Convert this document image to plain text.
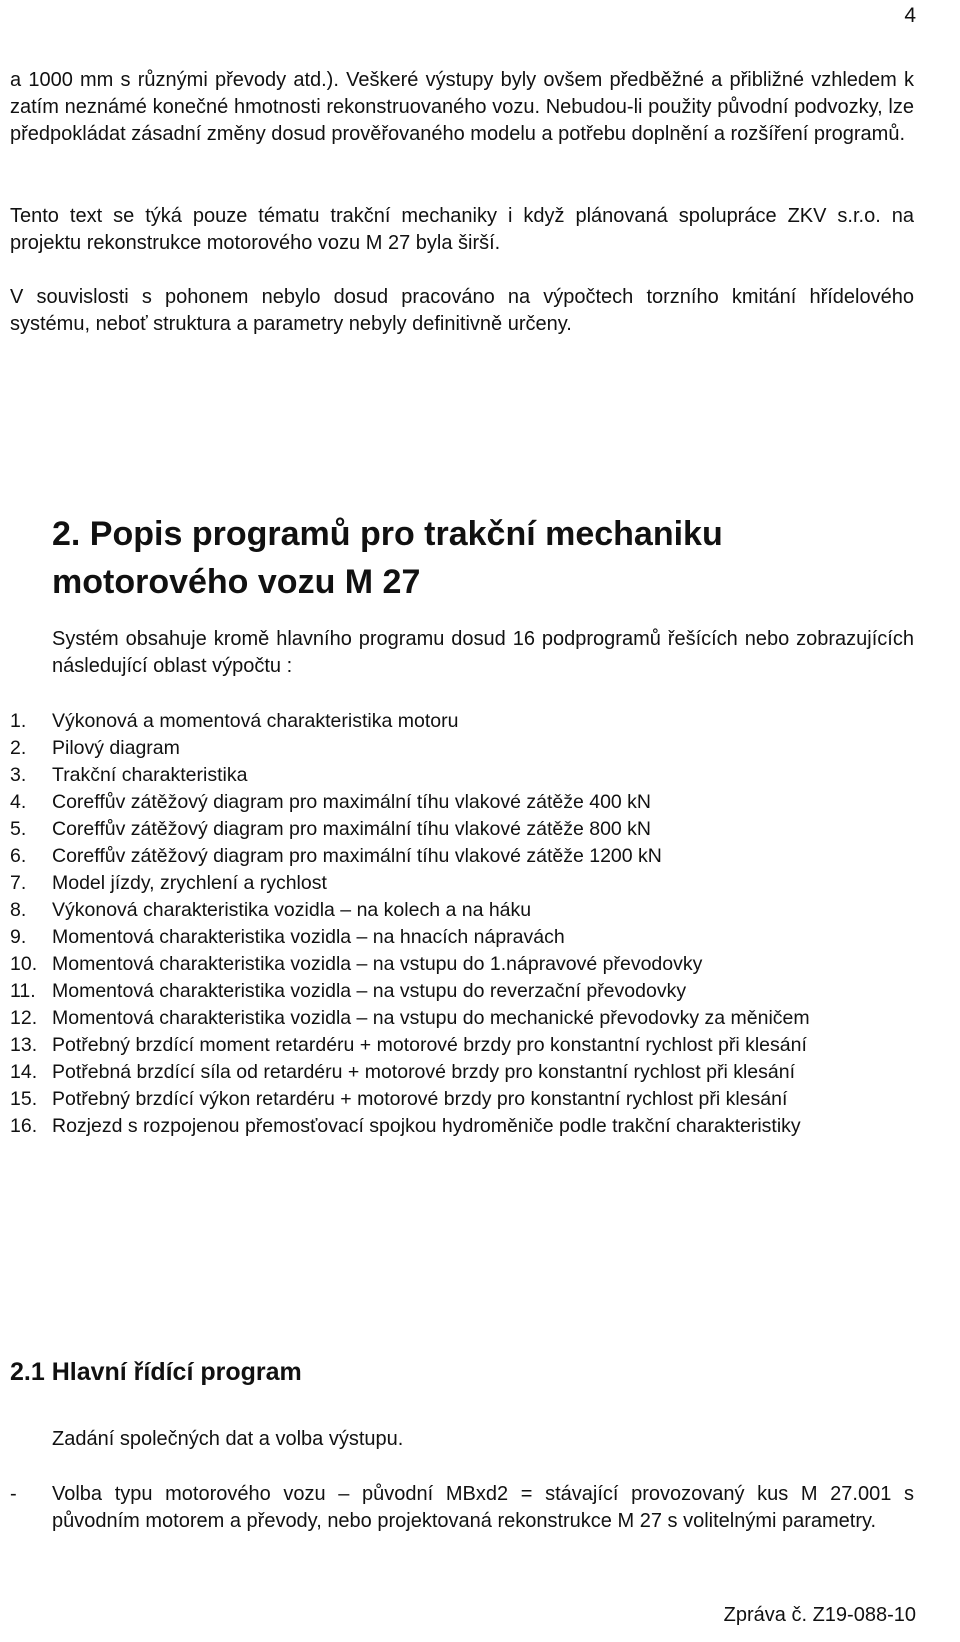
4

a 1000 mm s různými převody atd.). Veškeré výstupy byly ovšem předběžné a přibližné vzhledem k zatím neznámé konečné hmotnosti rekonstruovaného vozu. Nebudou-li použity původní podvozky, lze předpokládat zásadní změny dosud prověřovaného modelu a potřebu doplnění a rozšíření programů.

Tento text se týká pouze tématu trakční mechaniky i když plánovaná spolupráce ZKV s.r.o. na projektu rekonstrukce motorového vozu M 27 byla širší.

V souvislosti s pohonem nebylo dosud pracováno na výpočtech torzního kmitání hřídelového systému, neboť struktura a parametry nebyly definitivně určeny.

2. Popis programů pro trakční mechaniku motorového vozu M 27

Systém obsahuje kromě hlavního programu dosud 16 podprogramů řešících nebo zobrazujících následující oblast výpočtu :

1.	Výkonová a momentová charakteristika motoru
2.	Pilový diagram
3.	Trakční charakteristika
4.	Coreffův zátěžový diagram pro maximální tíhu vlakové zátěže 400 kN
5.	Coreffův zátěžový diagram pro maximální tíhu vlakové zátěže 800 kN
6.	Coreffův zátěžový diagram pro maximální tíhu vlakové zátěže 1200 kN
7.	Model jízdy, zrychlení a rychlost
8.	Výkonová charakteristika vozidla – na kolech a na háku
9.	Momentová charakteristika vozidla – na hnacích nápravách
10. Momentová charakteristika vozidla – na vstupu do 1.nápravové převodovky
11. Momentová charakteristika vozidla – na vstupu do reverzační převodovky
12. Momentová charakteristika vozidla – na vstupu do mechanické převodovky za měničem
13. Potřebný brzdící moment retardéru + motorové brzdy pro konstantní rychlost při klesání
14. Potřebná brzdící síla od retardéru + motorové brzdy pro konstantní rychlost při klesání
15. Potřebný brzdící výkon retardéru + motorové brzdy pro konstantní rychlost při klesání
16. Rozjezd s rozpojenou přemosťovací spojkou hydroměniče podle trakční charakteristiky
2.1 Hlavní řídící program

Zadání společných dat a volba výstupu.

-	Volba typu motorového vozu – původní MBxd2 = stávající provozovaný kus M 27.001 s původním motorem a převody, nebo projektovaná rekonstrukce M 27 s volitelnými parametry.
Zpráva č. Z19-088-10
